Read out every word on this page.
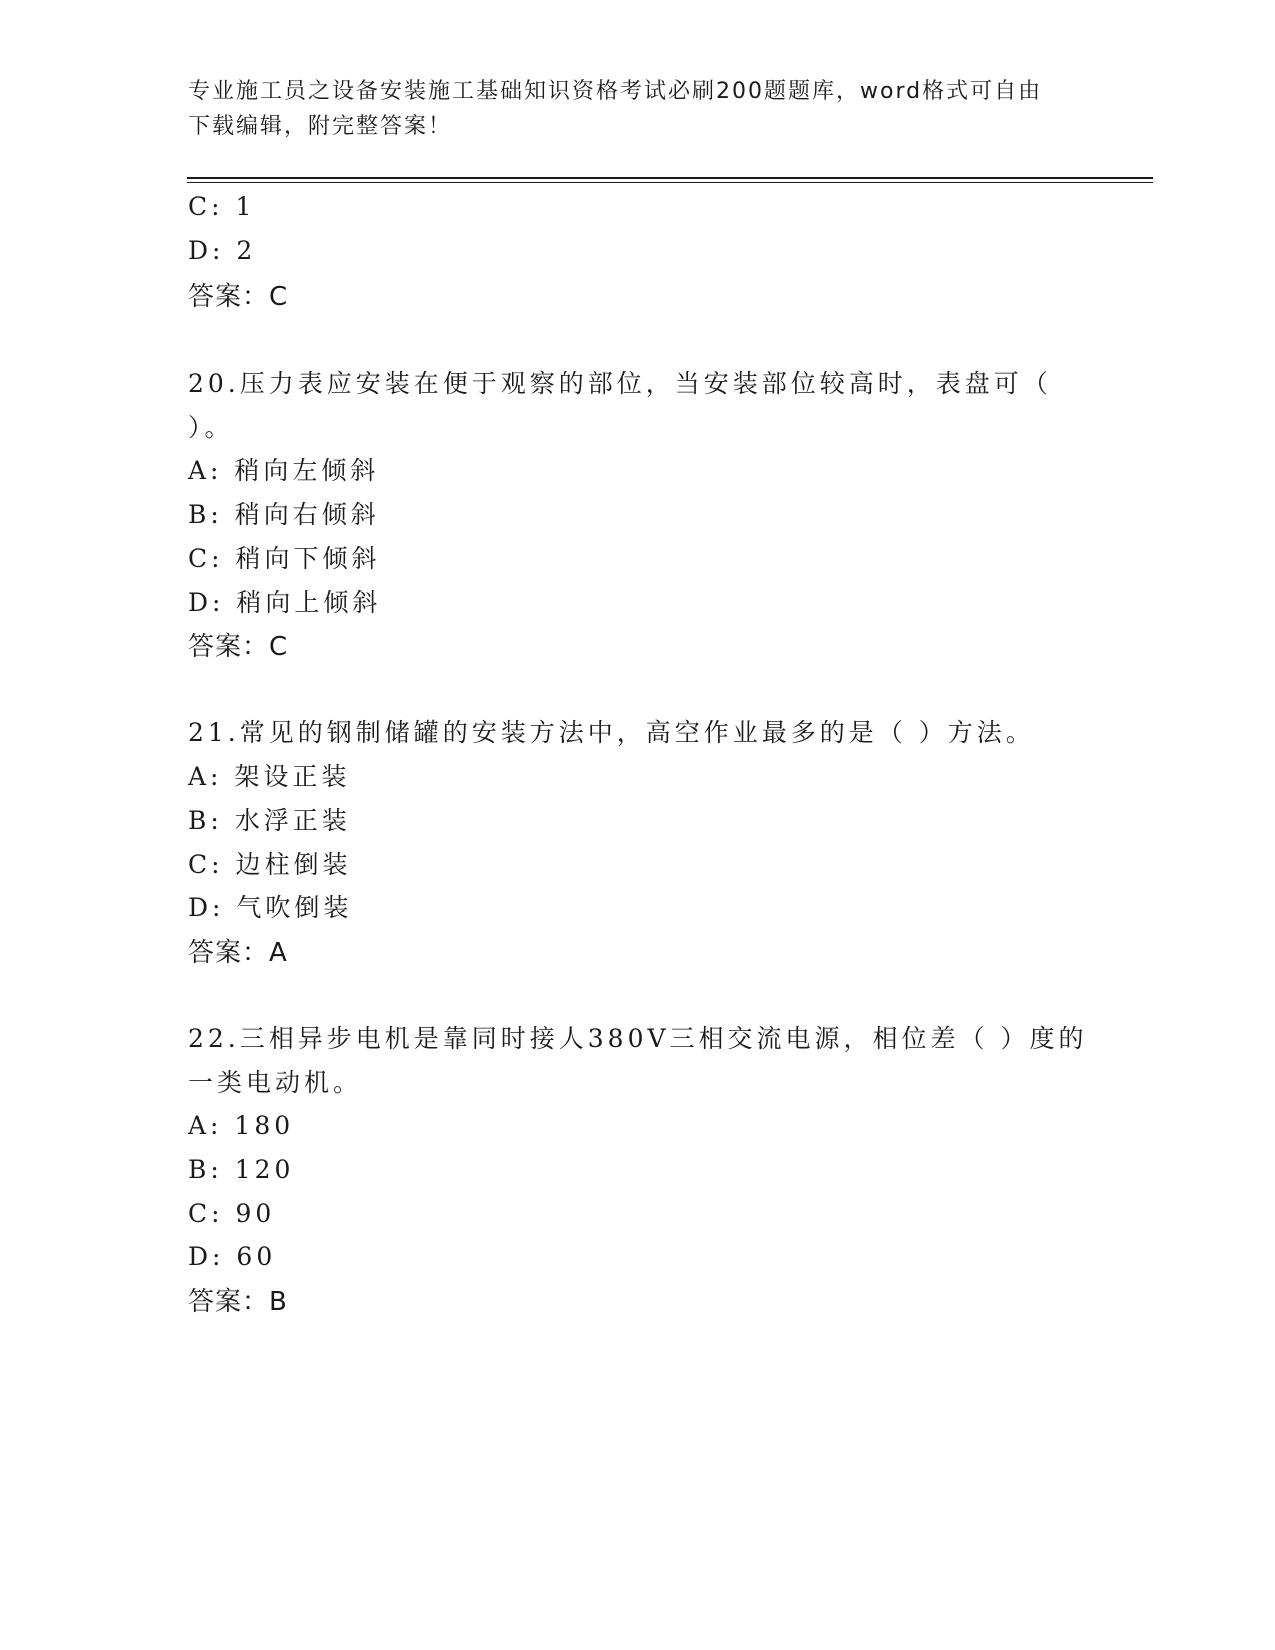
专业施工员之设备安装施工基础知识资格考试必刷200题题库，word格式可自由
下载编辑，附完整答案！
C: 1
D: 2
答案：C
20.压力表应安装在便于观察的部位，当安装部位较高时，表盘可（
）。
A: 稍向左倾斜
B: 稍向右倾斜
C: 稍向下倾斜
D: 稍向上倾斜
答案：C
21.常见的钢制储罐的安装方法中，高空作业最多的是（ ）方法。
A: 架设正装
B: 水浮正装
C: 边柱倒装
D: 气吹倒装
答案：A
22.三相异步电机是靠同时接人380V三相交流电源，相位差（ ）度的
一类电动机。
A: 180
B: 120
C: 90
D: 60
答案：B
